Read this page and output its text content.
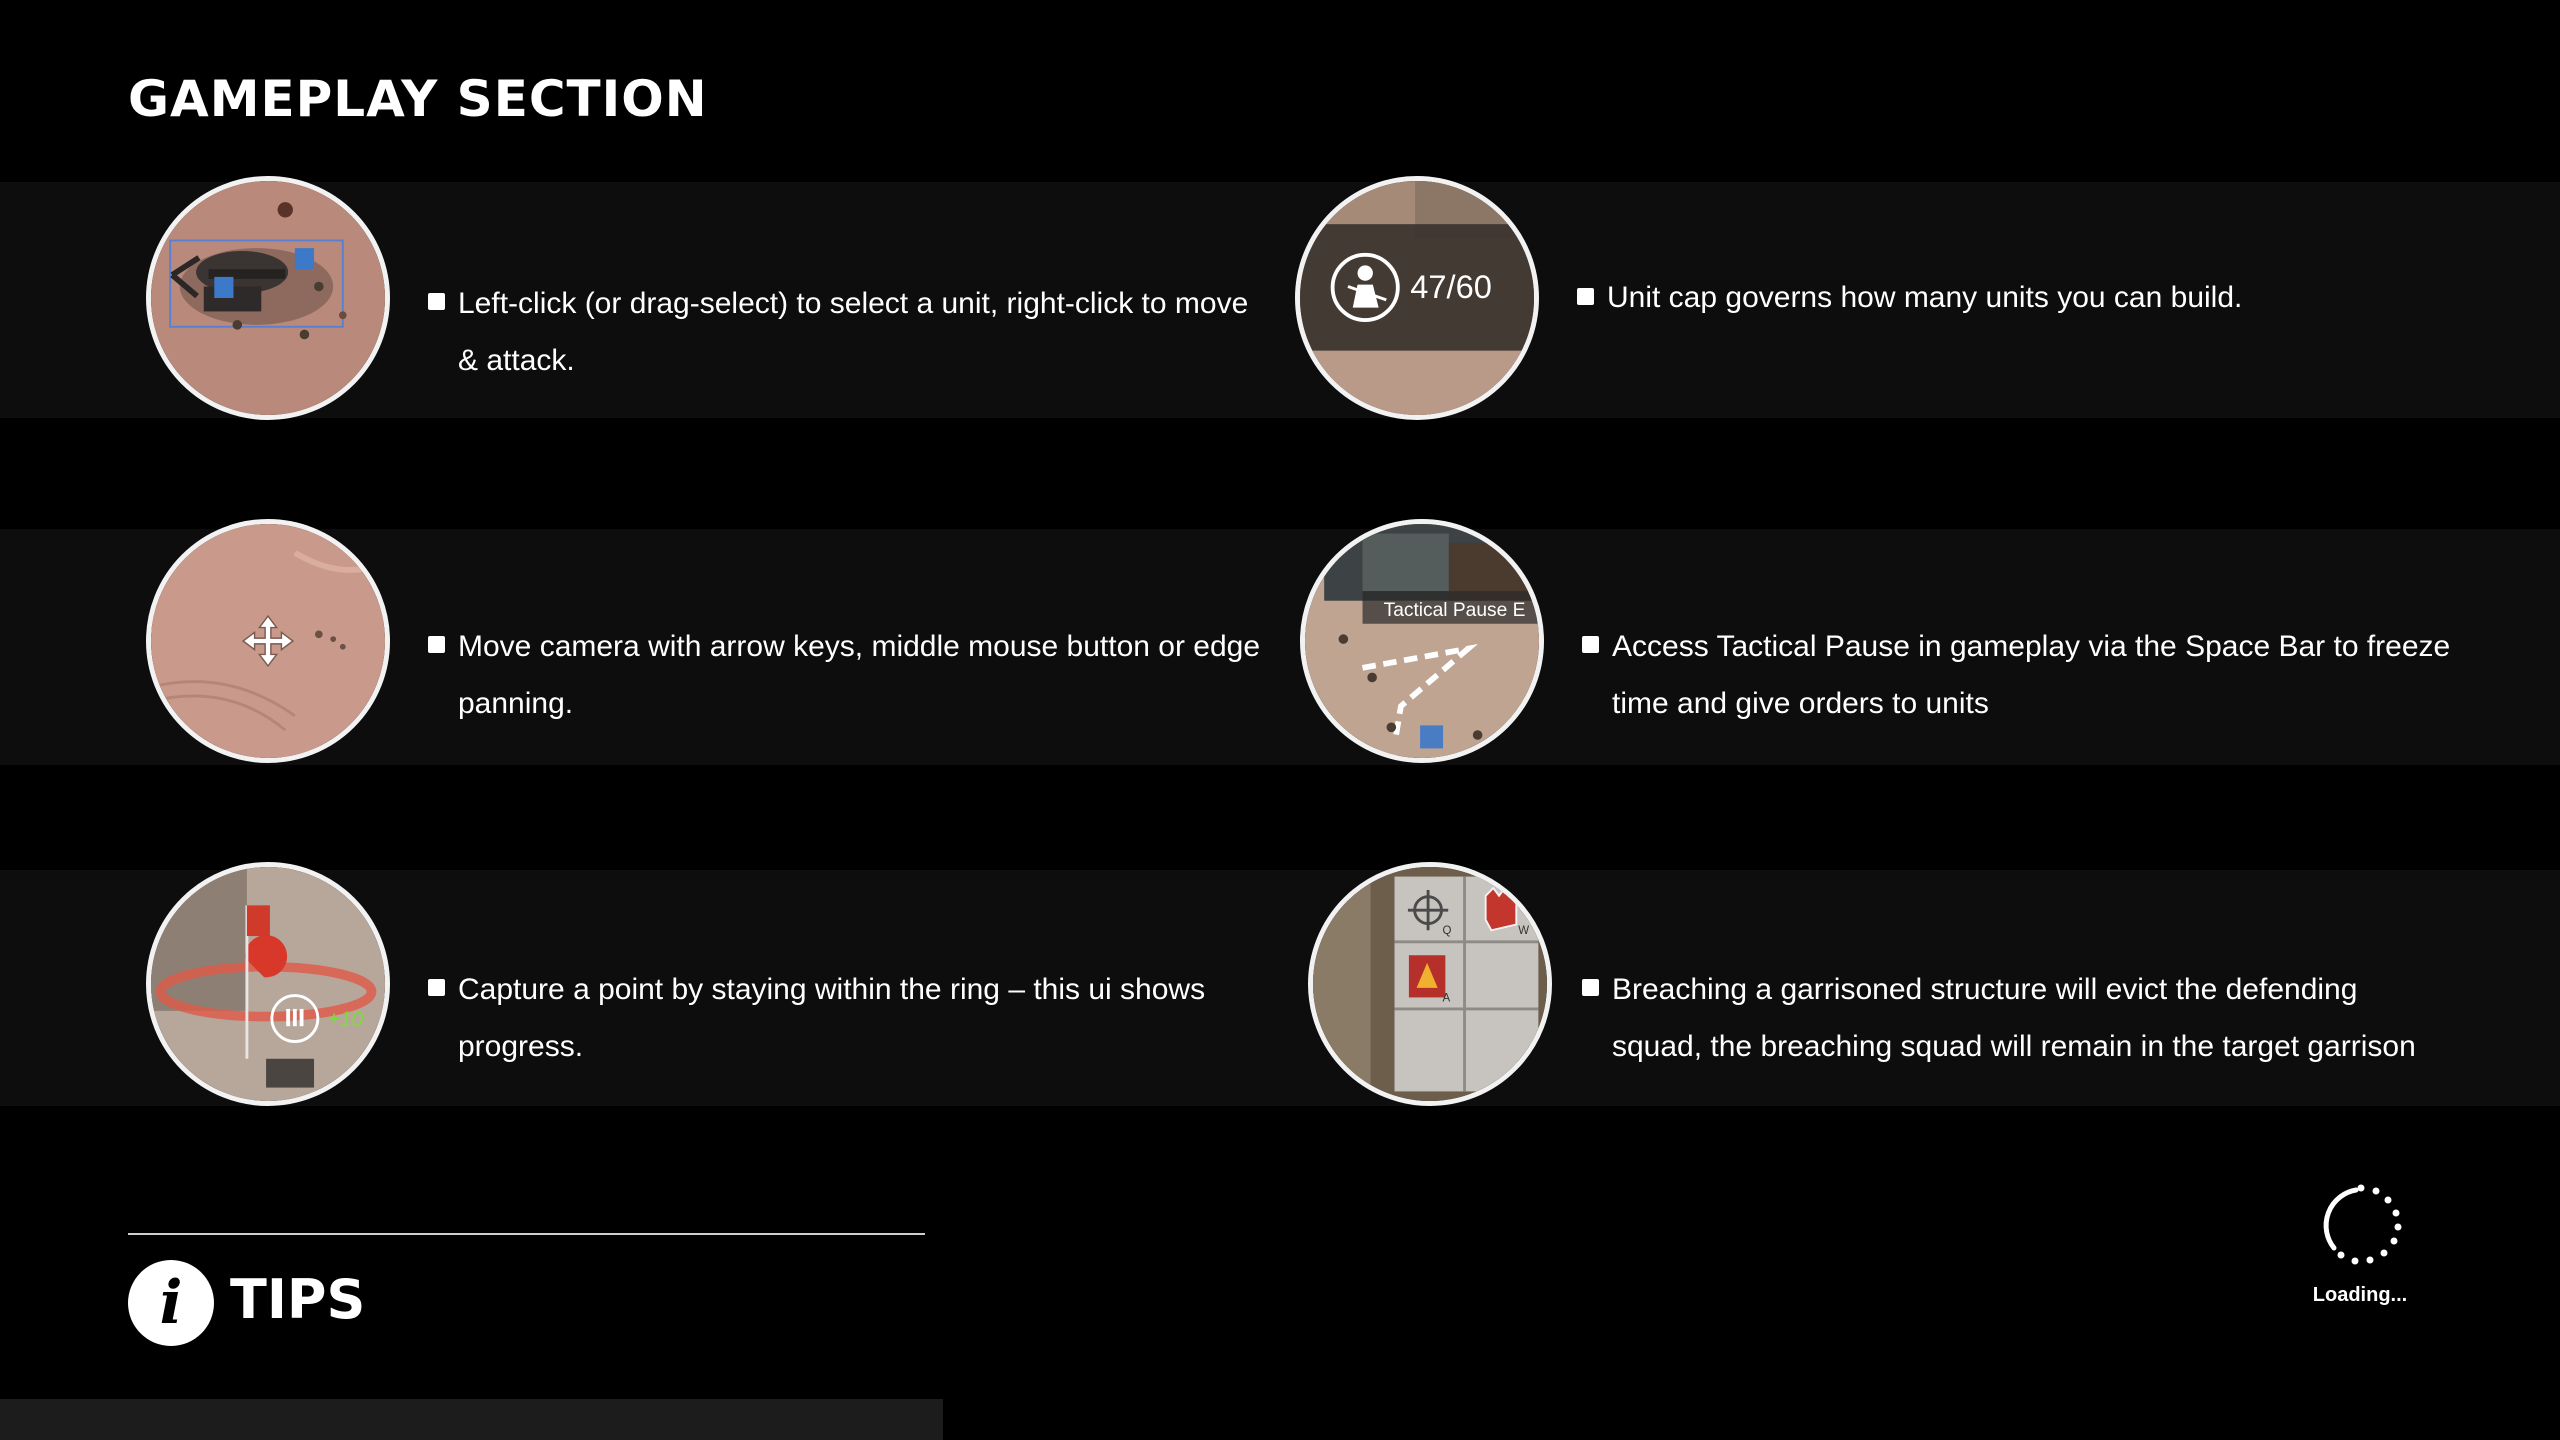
GAMEPLAY SECTION
Left-click (or drag-select) to select a unit, right-click to move
& attack.
47/60	Unit cap governs how many units you can build.
Move camera with arrow keys, middle mouse button or edge
panning.
Tactical Pause E
Access Tactical Pause in gameplay via the Space Bar to freeze
time and give orders to units
+10
Capture a point by staying within the ring – this ui shows
progress.
Q	W
A	Breaching a garrisoned structure will evict the defending
squad, the breaching squad will remain in the target garrison
i TIPS	Loading...
